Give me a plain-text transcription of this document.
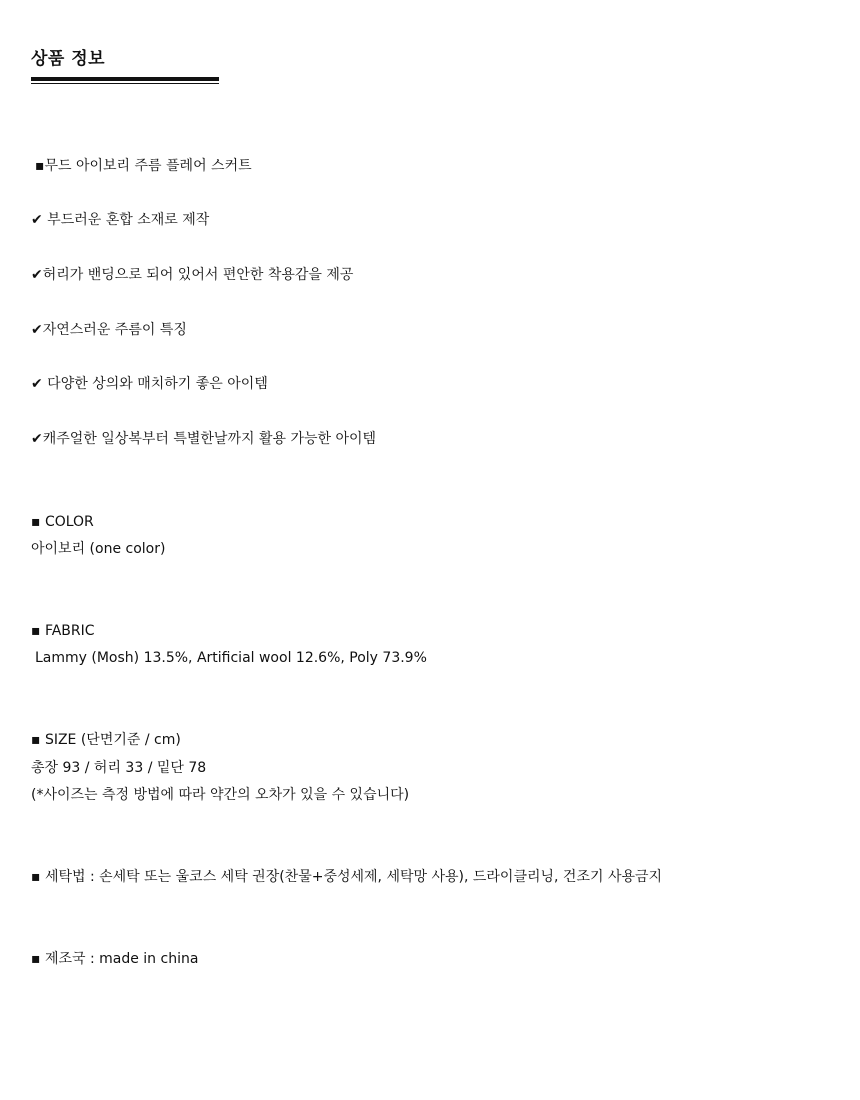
상품 정보
▪무드 아이보리 주름 플레어 스커트
✔ 부드러운 혼합 소재로 제작
✔허리가 밴딩으로 되어 있어서 편안한 착용감을 제공
✔자연스러운 주름이 특징
✔ 다양한 상의와 매치하기 좋은 아이템
✔캐주얼한 일상복부터 특별한날까지 활용 가능한 아이템
▪ COLOR
아이보리 (one color)
▪ FABRIC
Lammy (Mosh) 13.5%, Artificial wool 12.6%, Poly 73.9%
▪ SIZE (단면기준 / cm)
총장 93 / 허리 33 / 밑단 78
(*사이즈는 측정 방법에 따라 약간의 오차가 있을 수 있습니다)
▪ 세탁법 : 손세탁 또는 울코스 세탁 권장(찬물+중성세제, 세탁망 사용), 드라이클리닝, 건조기 사용금지
▪ 제조국 : made in china
